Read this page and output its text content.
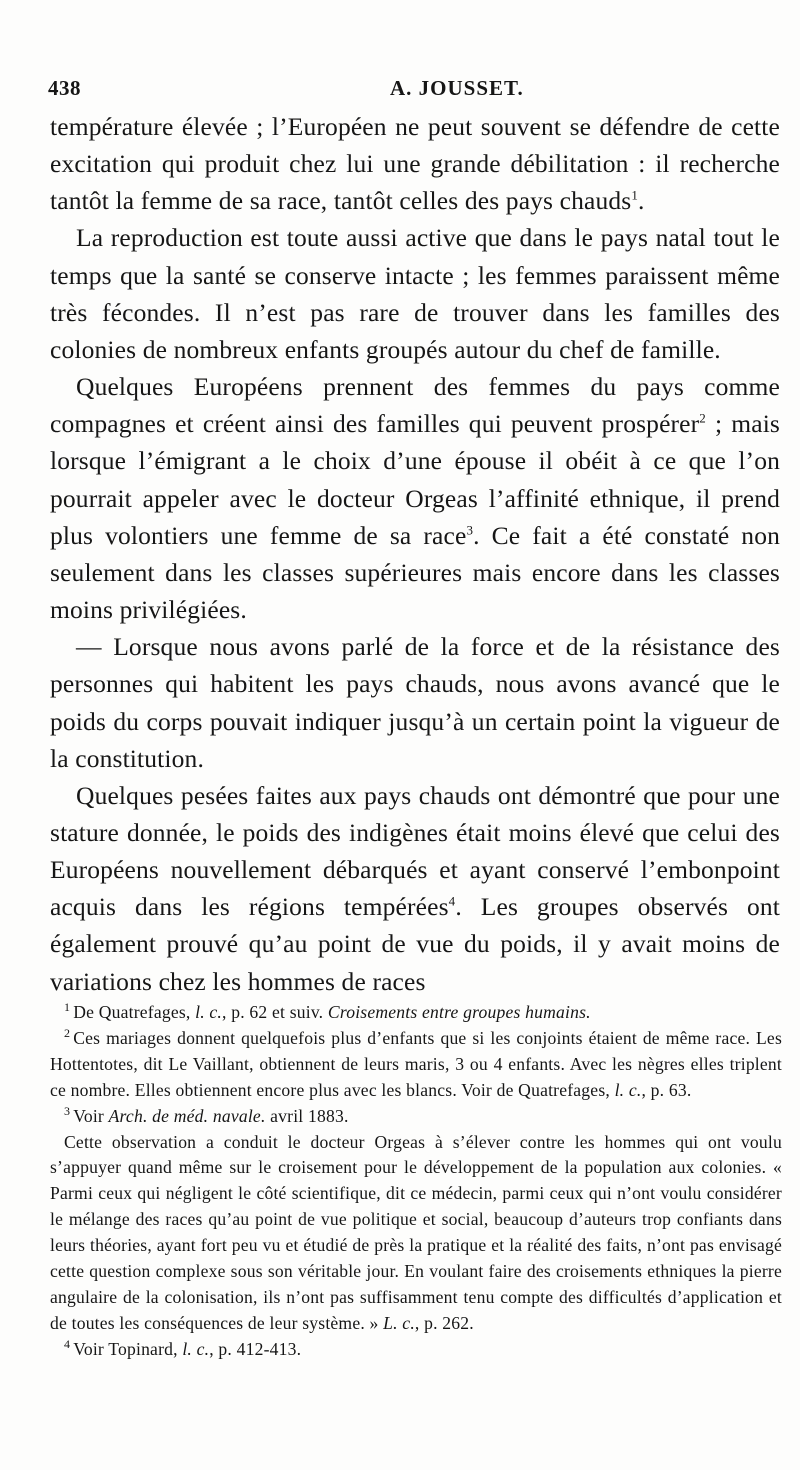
438	A. JOUSSET.

température élevée ; l’Européen ne peut souvent se défendre de cette excitation qui produit chez lui une grande débilitation : il recherche tantôt la femme de sa race, tantôt celles des pays chauds$^1$.

La reproduction est toute aussi active que dans le pays natal tout le temps que la santé se conserve intacte ; les femmes paraissent même très fécondes. Il n’est pas rare de trouver dans les familles des colonies de nombreux enfants groupés autour du chef de famille.

Quelques Européens prennent des femmes du pays comme compagnes et créent ainsi des familles qui peuvent prospérer$^2$ ; mais lorsque l’émigrant a le choix d’une épouse il obéit à ce que l’on pourrait appeler avec le docteur Orgeas l’affinité ethnique, il prend plus volontiers une femme de sa race$^3$. Ce fait a été constaté non seulement dans les classes supérieures mais encore dans les classes moins privilégiées.

— Lorsque nous avons parlé de la force et de la résistance des personnes qui habitent les pays chauds, nous avons avancé que le poids du corps pouvait indiquer jusqu’à un certain point la vigueur de la constitution.

Quelques pesées faites aux pays chauds ont démontré que pour une stature donnée, le poids des indigènes était moins élevé que celui des Européens nouvellement débarqués et ayant conservé l’embonpoint acquis dans les régions tempérées$^4$. Les groupes observés ont également prouvé qu’au point de vue du poids, il y avait moins de variations chez les hommes de races

$^1$ De Quatrefages, l. c., p. 62 et suiv. Croisements entre groupes humains.

$^2$ Ces mariages donnent quelquefois plus d’enfants que si les conjoints étaient de même race. Les Hottentotes, dit Le Vaillant, obtiennent de leurs maris, 3 ou 4 enfants. Avec les nègres elles triplent ce nombre. Elles obtiennent encore plus avec les blancs. Voir de Quatrefages, l. c., p. 63.

$^3$ Voir Arch. de méd. navale. avril 1883.

Cette observation a conduit le docteur Orgeas à s’élever contre les hommes qui ont voulu s’appuyer quand même sur le croisement pour le développement de la population aux colonies. « Parmi ceux qui négligent le côté scientifique, dit ce médecin, parmi ceux qui n’ont voulu considérer le mélange des races qu’au point de vue politique et social, beaucoup d’auteurs trop confiants dans leurs théories, ayant fort peu vu et étudié de près la pratique et la réalité des faits, n’ont pas envisagé cette question complexe sous son véritable jour. En voulant faire des croisements ethniques la pierre angulaire de la colonisation, ils n’ont pas suffisamment tenu compte des difficultés d’application et de toutes les conséquences de leur système. » L. c., p. 262.

$^4$ Voir Topinard, l. c., p. 412-413.
